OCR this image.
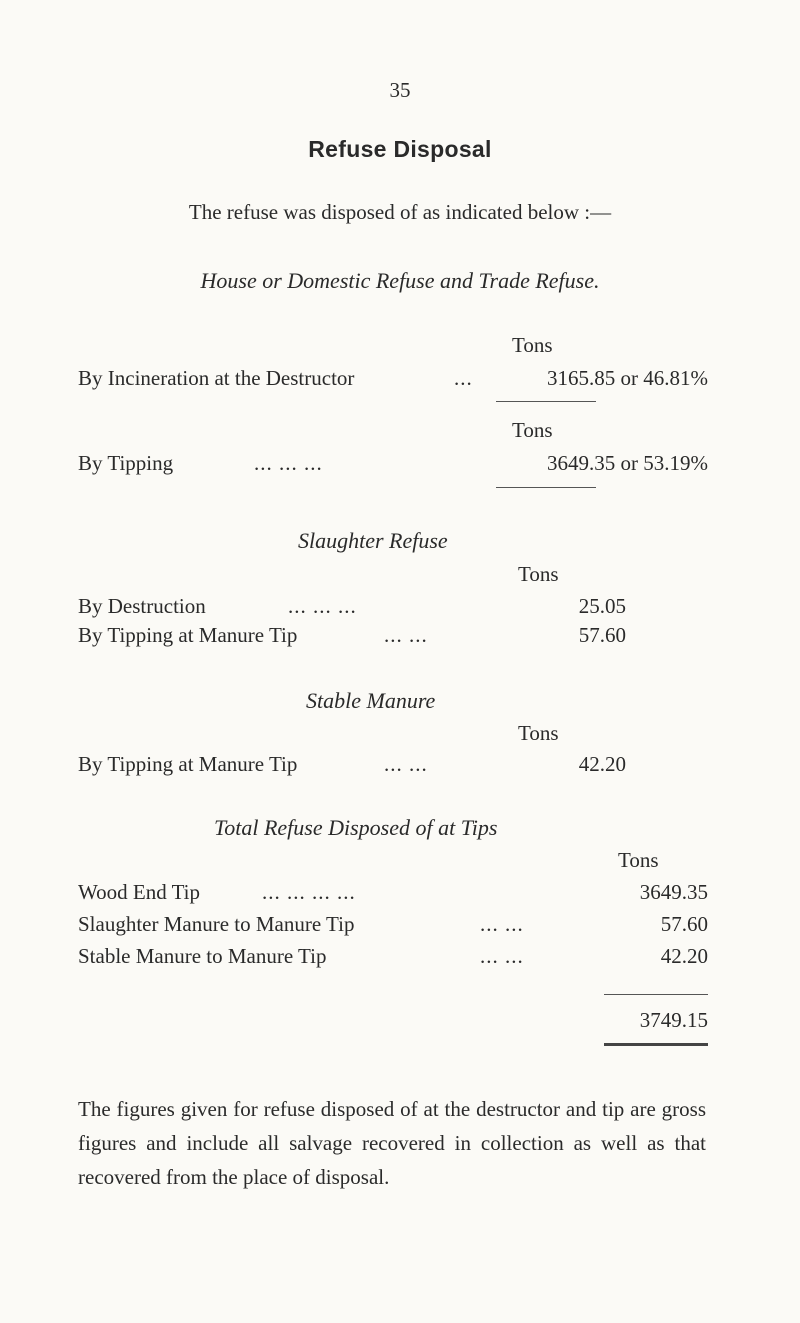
35
Refuse Disposal
The refuse was disposed of as indicated below :—
House or Domestic Refuse and Trade Refuse.
Tons
By Incineration at the Destructor	...	3165.85 or 46.81%
Tons
By Tipping	... ... ...	3649.35 or 53.19%
Slaughter Refuse
Tons
By Destruction	... ... ...	25.05
By Tipping at Manure Tip	... ...	57.60
Stable Manure
Tons
By Tipping at Manure Tip	... ...	42.20
Total Refuse Disposed of at Tips
Tons
Wood End Tip	... ... ... ...	3649.35
Slaughter Manure to Manure Tip	... ...	57.60
Stable Manure to Manure Tip	... ...	42.20
3749.15
The figures given for refuse disposed of at the destructor and tip are gross figures and include all salvage recovered in collection as well as that recovered from the place of disposal.
